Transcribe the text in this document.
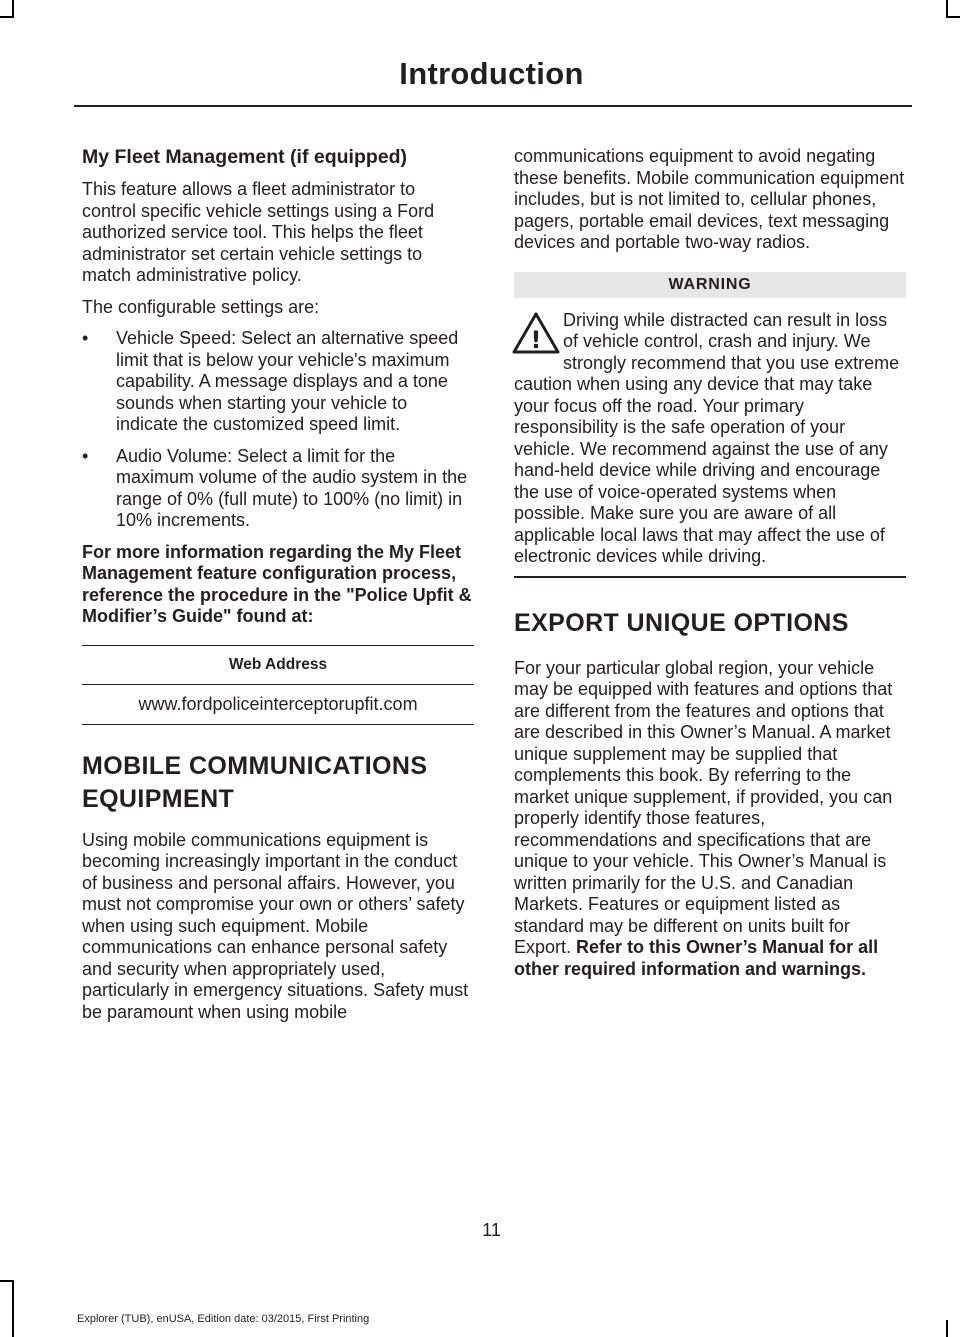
Introduction
My Fleet Management (if equipped)

This feature allows a fleet administrator to control specific vehicle settings using a Ford authorized service tool. This helps the fleet administrator set certain vehicle settings to match administrative policy.

The configurable settings are:

• Vehicle Speed: Select an alternative speed limit that is below your vehicle's maximum capability. A message displays and a tone sounds when starting your vehicle to indicate the customized speed limit.
• Audio Volume: Select a limit for the maximum volume of the audio system in the range of 0% (full mute) to 100% (no limit) in 10% increments.

For more information regarding the My Fleet Management feature configuration process, reference the procedure in the "Police Upfit & Modifier’s Guide" found at:

Web Address
www.fordpoliceinterceptorupfit.com
MOBILE COMMUNICATIONS
EQUIPMENT

Using mobile communications equipment is becoming increasingly important in the conduct of business and personal affairs. However, you must not compromise your own or others’ safety when using such equipment. Mobile communications can enhance personal safety and security when appropriately used, particularly in emergency situations. Safety must be paramount when using mobile

communications equipment to avoid negating these benefits. Mobile communication equipment includes, but is not limited to, cellular phones, pagers, portable email devices, text messaging devices and portable two-way radios.

WARNING
!
Driving while distracted can result in loss of vehicle control, crash and injury. We strongly recommend that you use extreme caution when using any device that may take your focus off the road. Your primary responsibility is the safe operation of your vehicle. We recommend against the use of any hand-held device while driving and encourage the use of voice-operated systems when possible. Make sure you are aware of all applicable local laws that may affect the use of electronic devices while driving.
EXPORT UNIQUE OPTIONS

For your particular global region, your vehicle may be equipped with features and options that are different from the features and options that are described in this Owner’s Manual. A market unique supplement may be supplied that complements this book. By referring to the market unique supplement, if provided, you can properly identify those features, recommendations and specifications that are unique to your vehicle. This Owner’s Manual is written primarily for the U.S. and Canadian Markets. Features or equipment listed as standard may be different on units built for Export. Refer to this Owner’s Manual for all other required information and warnings.

11
Explorer (TUB), enUSA, Edition date: 03/2015, First Printing
